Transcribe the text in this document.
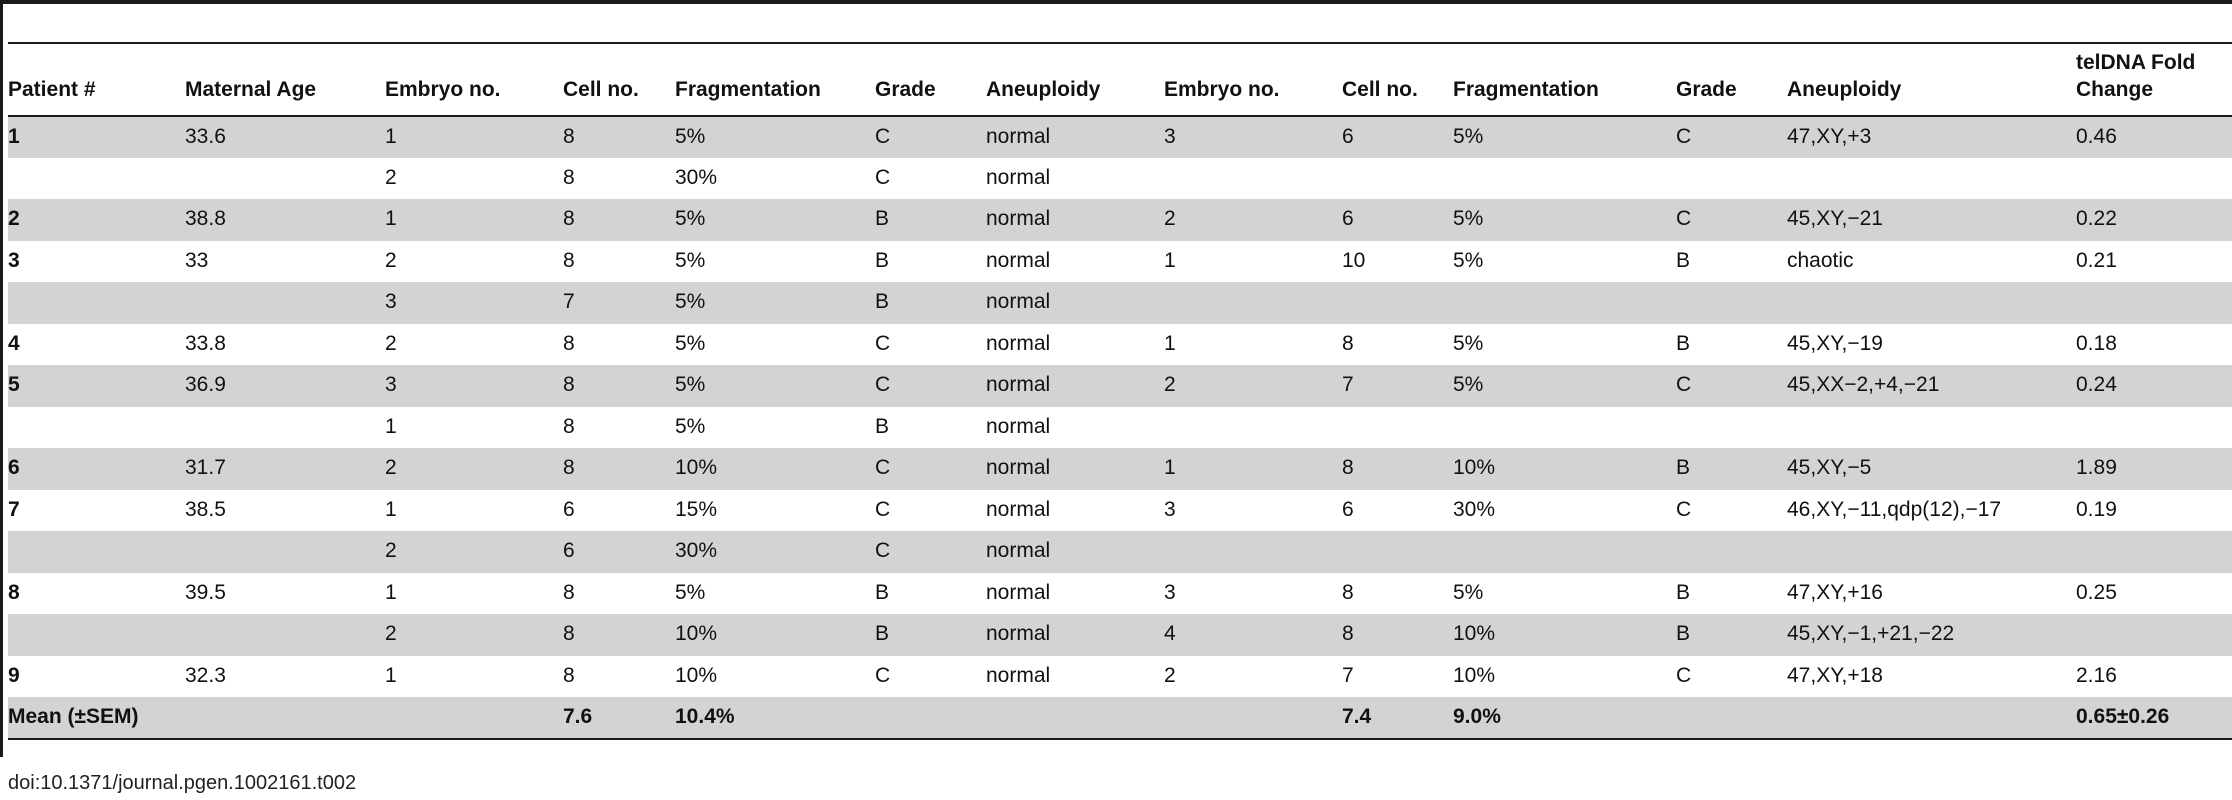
Patient #	Maternal Age	Embryo no.	Cell no.	Fragmentation	Grade	Aneuploidy	Embryo no.	Cell no.	Fragmentation	Grade	Aneuploidy	telDNA Fold Change
1	33.6	1	8	5%	C	normal	3	6	5%	C	47,XY,+3	0.46
		2	8	30%	C	normal						
2	38.8	1	8	5%	B	normal	2	6	5%	C	45,XY,−21	0.22
3	33	2	8	5%	B	normal	1	10	5%	B	chaotic	0.21
		3	7	5%	B	normal						
4	33.8	2	8	5%	C	normal	1	8	5%	B	45,XY,−19	0.18
5	36.9	3	8	5%	C	normal	2	7	5%	C	45,XX−2,+4,−21	0.24
		1	8	5%	B	normal						
6	31.7	2	8	10%	C	normal	1	8	10%	B	45,XY,−5	1.89
7	38.5	1	6	15%	C	normal	3	6	30%	C	46,XY,−11,qdp(12),−17	0.19
		2	6	30%	C	normal						
8	39.5	1	8	5%	B	normal	3	8	5%	B	47,XY,+16	0.25
		2	8	10%	B	normal	4	8	10%	B	45,XY,−1,+21,−22	
9	32.3	1	8	10%	C	normal	2	7	10%	C	47,XY,+18	2.16
Mean (±SEM)			7.6	10.4%				7.4	9.0%			0.65±0.26
doi:10.1371/journal.pgen.1002161.t002
